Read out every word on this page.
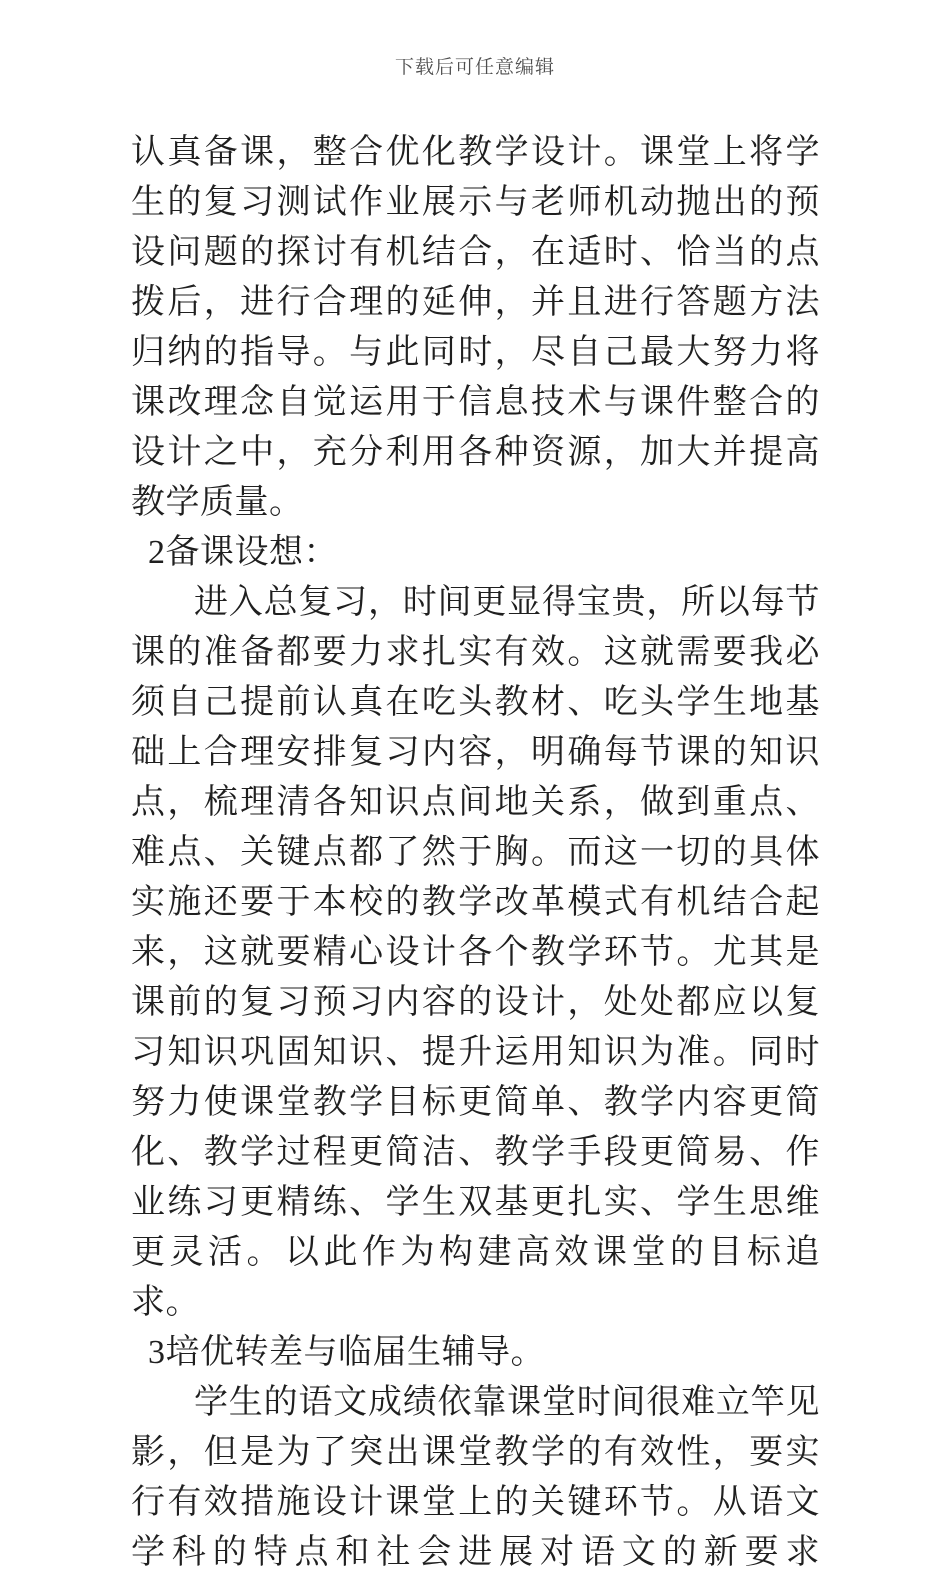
下载后可任意编辑

认真备课，整合优化教学设计。课堂上将学生的复习测试作业展示与老师机动抛出的预设问题的探讨有机结合，在适时、恰当的点拨后，进行合理的延伸，并且进行答题方法归纳的指导。与此同时，尽自己最大努力将课改理念自觉运用于信息技术与课件整合的设计之中，充分利用各种资源，加大并提高教学质量。

2备课设想：

进入总复习，时间更显得宝贵，所以每节课的准备都要力求扎实有效。这就需要我必须自己提前认真在吃头教材、吃头学生地基础上合理安排复习内容，明确每节课的知识点，梳理清各知识点间地关系，做到重点、难点、关键点都了然于胸。而这一切的具体实施还要于本校的教学改革模式有机结合起来，这就要精心设计各个教学环节。尤其是课前的复习预习内容的设计，处处都应以复习知识巩固知识、提升运用知识为准。同时努力使课堂教学目标更简单、教学内容更简化、教学过程更简洁、教学手段更简易、作业练习更精练、学生双基更扎实、学生思维更灵活。以此作为构建高效课堂的目标追求。

3培优转差与临届生辅导。

学生的语文成绩依靠课堂时间很难立竿见影，但是为了突出课堂教学的有效性，要实行有效措施设计课堂上的关键环节。从语文学科的特点和社会进展对语文的新要求
